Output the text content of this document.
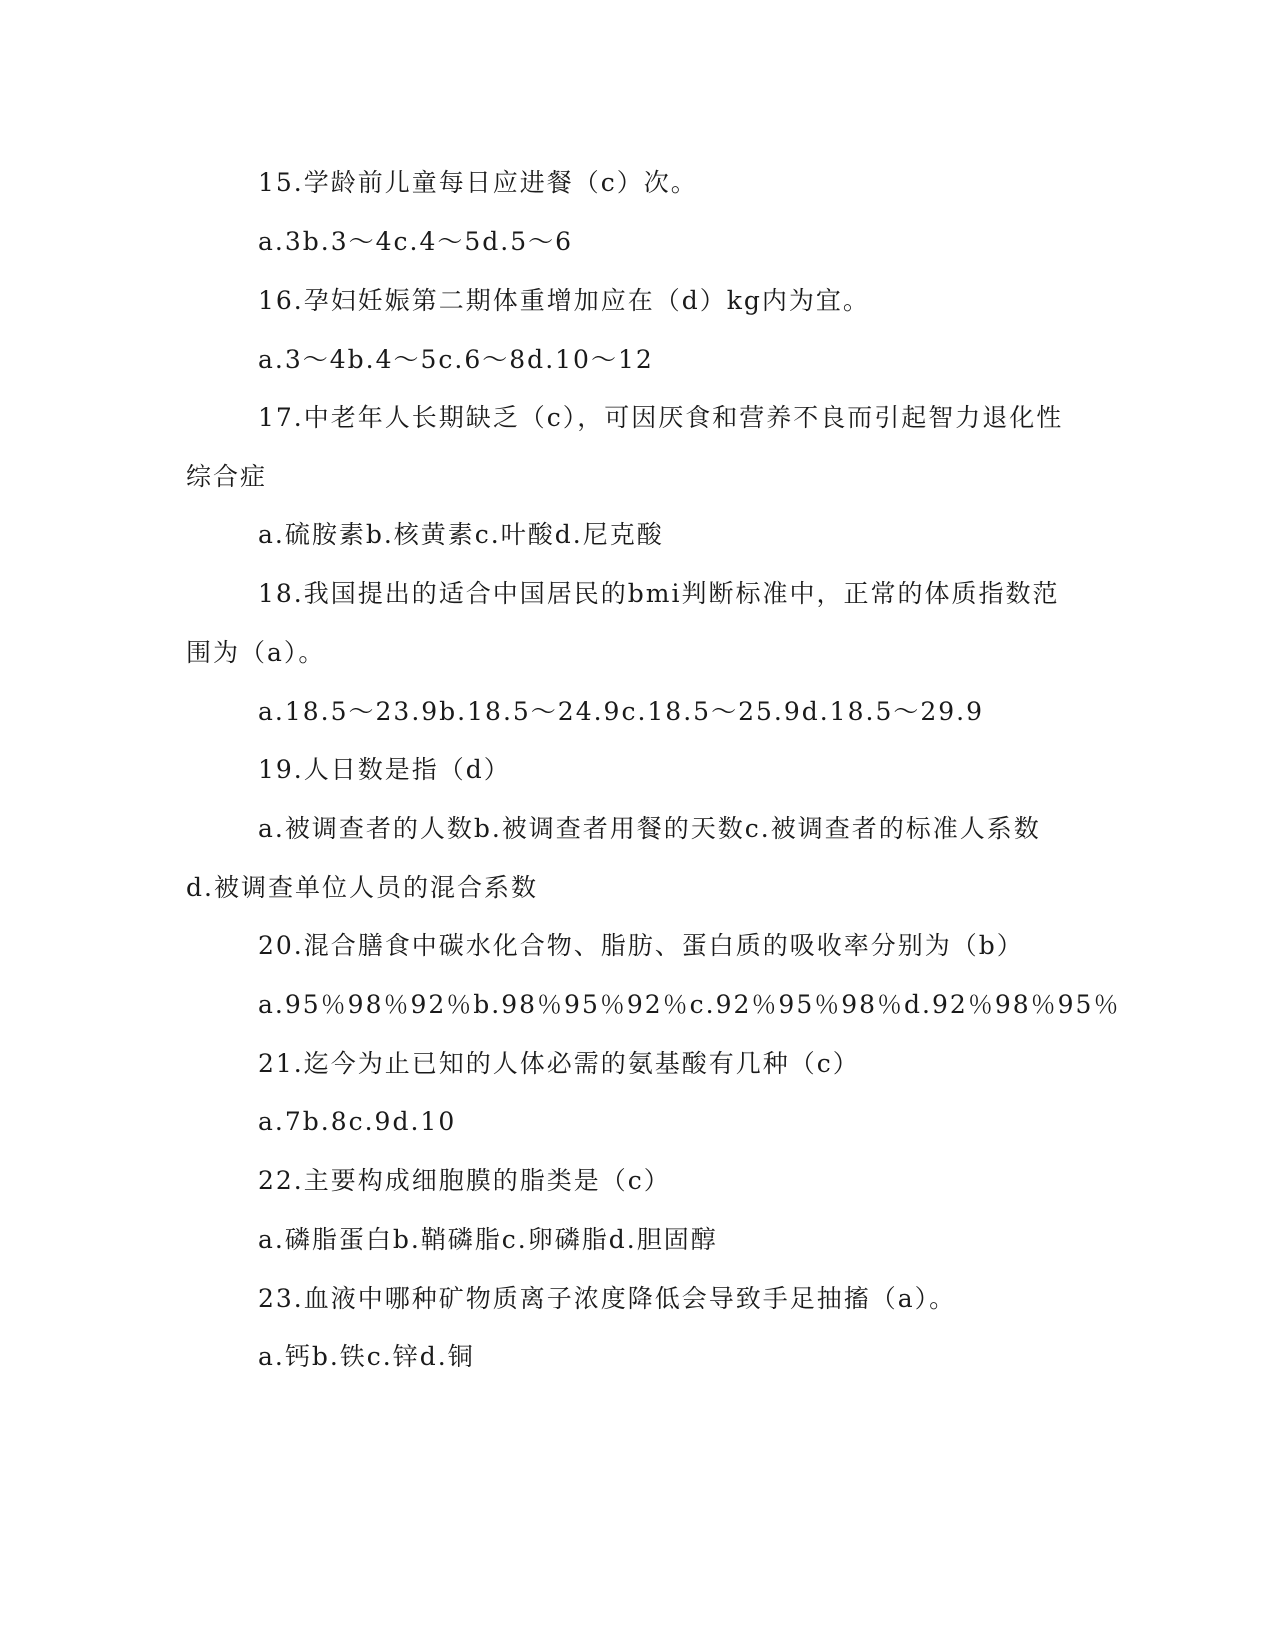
15.学龄前儿童每日应进餐（c）次。

a.3b.3～4c.4～5d.5～6

16.孕妇妊娠第二期体重增加应在（d）kg内为宜。

a.3～4b.4～5c.6～8d.10～12

17.中老年人长期缺乏（c），可因厌食和营养不良而引起智力退化性综合症

a.硫胺素b.核黄素c.叶酸d.尼克酸

18.我国提出的适合中国居民的bmi判断标准中，正常的体质指数范围为（a）。

a.18.5～23.9b.18.5～24.9c.18.5～25.9d.18.5～29.9

19.人日数是指（d）

a.被调查者的人数b.被调查者用餐的天数c.被调查者的标准人系数d.被调查单位人员的混合系数

20.混合膳食中碳水化合物、脂肪、蛋白质的吸收率分别为（b）

a.95％98％92％b.98％95％92％c.92％95％98％d.92％98％95％

21.迄今为止已知的人体必需的氨基酸有几种（c）

a.7b.8c.9d.10

22.主要构成细胞膜的脂类是（c）

a.磷脂蛋白b.鞘磷脂c.卵磷脂d.胆固醇

23.血液中哪种矿物质离子浓度降低会导致手足抽搐（a）。

a.钙b.铁c.锌d.铜
